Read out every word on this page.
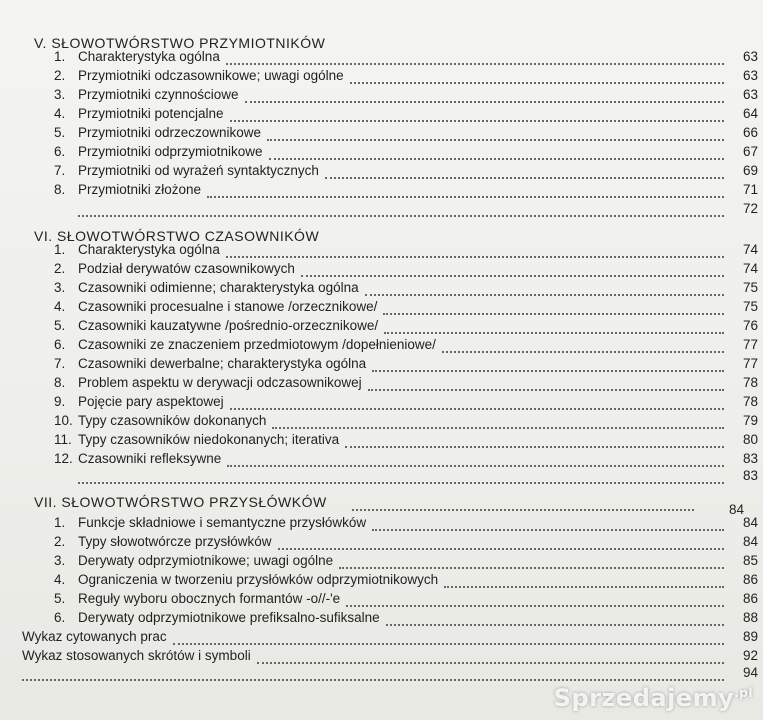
V. SŁOWOTWÓRSTWO PRZYMIOTNIKÓW
1. Charakterystyka ogólna	63
2. Przymiotniki odczasownikowe; uwagi ogólne	63
3. Przymiotniki czynnościowe	63
4. Przymiotniki potencjalne	64
5. Przymiotniki odrzeczownikowe	66
6. Przymiotniki odprzymiotnikowe	67
7. Przymiotniki od wyrażeń syntaktycznych	69
8. Przymiotniki złożone	71
72
VI. SŁOWOTWÓRSTWO CZASOWNIKÓW
1. Charakterystyka ogólna	74
2. Podział derywatów czasownikowych	74
3. Czasowniki odimienne; charakterystyka ogólna	75
4. Czasowniki procesualne i stanowe /orzecznikowe/	75
5. Czasowniki kauzatywne /pośrednio-orzecznikowe/	76
6. Czasowniki ze znaczeniem przedmiotowym /dopełnieniowe/	77
7. Czasowniki dewerbalne; charakterystyka ogólna	77
8. Problem aspektu w derywacji odczasownikowej	78
9. Pojęcie pary aspektowej	78
10. Typy czasowników dokonanych	79
11. Typy czasowników niedokonanych; iterativa	80
12. Czasowniki refleksywne	83
83
VII. SŁOWOTWÓRSTWO PRZYSŁÓWKÓW	84
1. Funkcje składniowe i semantyczne przysłówków	84
2. Typy słowotwórcze przysłówków	84
3. Derywaty odprzymiotnikowe; uwagi ogólne	85
4. Ograniczenia w tworzeniu przysłówków odprzymiotnikowych	86
5. Reguły wyboru obocznych formantów -o//-'e	86
6. Derywaty odprzymiotnikowe prefiksalno-sufiksalne	88
Wykaz cytowanych prac	89
Wykaz stosowanych skrótów i symboli	92
94
Sprzedajemy$^{.pl}$
